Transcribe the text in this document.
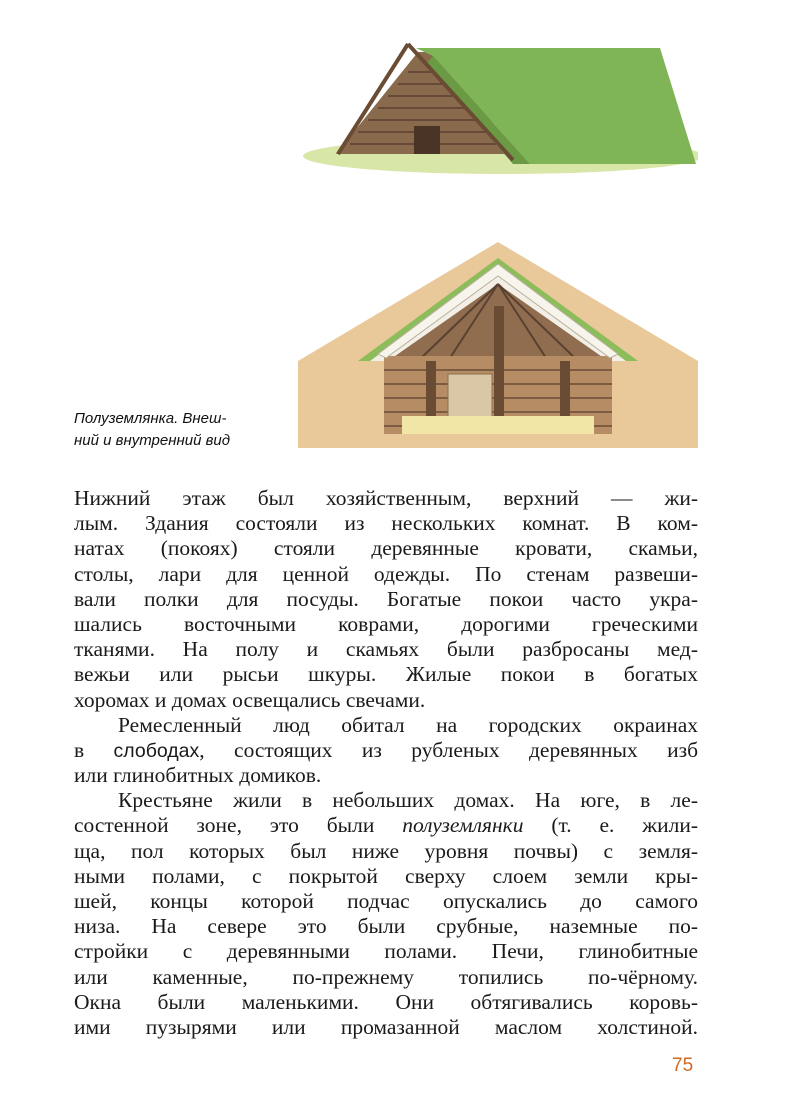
Полуземлянка. Внеш-
ний и внутренний вид
Нижний этаж был хозяйственным, верхний — жи-
лым. Здания состояли из нескольких комнат. В ком-
натах (покоях) стояли деревянные кровати, скамьи,
столы, лари для ценной одежды. По стенам развеши-
вали полки для посуды. Богатые покои часто укра-
шались восточными коврами, дорогими греческими
тканями. На полу и скамьях были разбросаны мед-
вежьи или рысьи шкуры. Жилые покои в богатых
хоромах и домах освещались свечами.
Ремесленный люд обитал на городских окраинах
в слободах, состоящих из рубленых деревянных изб
или глинобитных домиков.
Крестьяне жили в небольших домах. На юге, в ле-
состенной зоне, это были полуземлянки (т. е. жили-
ща, пол которых был ниже уровня почвы) с земля-
ными полами, с покрытой сверху слоем земли кры-
шей, концы которой подчас опускались до самого
низа. На севере это были срубные, наземные по-
стройки с деревянными полами. Печи, глинобитные
или каменные, по-прежнему топились по-чёрному.
Окна были маленькими. Они обтягивались коровь-
ими пузырями или промазанной маслом холстиной.
75
